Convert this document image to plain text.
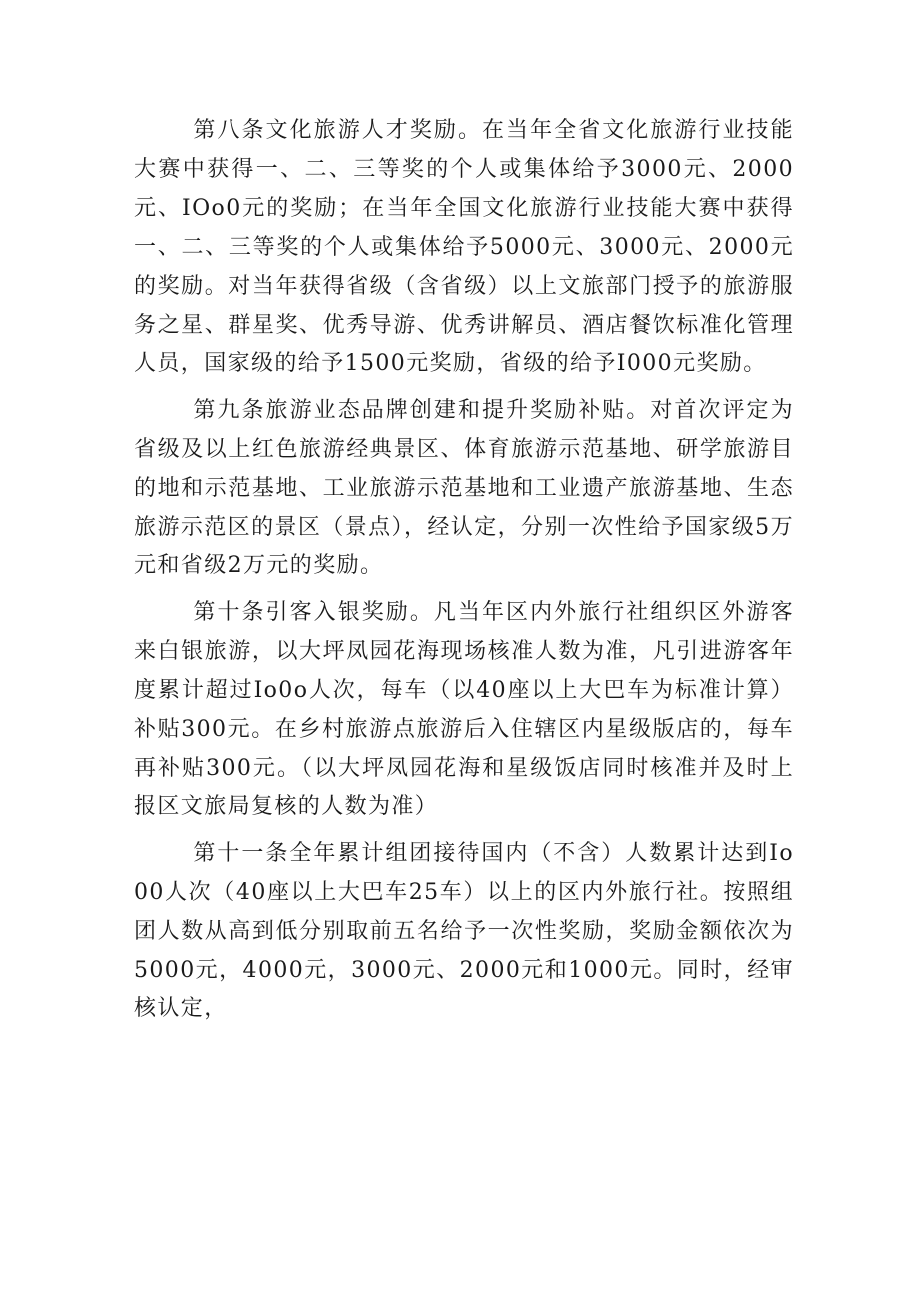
第八条文化旅游人才奖励。在当年全省文化旅游行业技能大赛中获得一、二、三等奖的个人或集体给予3000元、2000元、IOo0元的奖励；在当年全国文化旅游行业技能大赛中获得一、二、三等奖的个人或集体给予5000元、3000元、2000元的奖励。对当年获得省级（含省级）以上文旅部门授予的旅游服务之星、群星奖、优秀导游、优秀讲解员、酒店餐饮标准化管理人员，国家级的给予1500元奖励，省级的给予I000元奖励。

第九条旅游业态品牌创建和提升奖励补贴。对首次评定为省级及以上红色旅游经典景区、体育旅游示范基地、研学旅游目的地和示范基地、工业旅游示范基地和工业遗产旅游基地、生态旅游示范区的景区（景点），经认定，分别一次性给予国家级5万元和省级2万元的奖励。

第十条引客入银奖励。凡当年区内外旅行社组织区外游客来白银旅游，以大坪凤园花海现场核准人数为准，凡引进游客年度累计超过Io0o人次，每车（以40座以上大巴车为标准计算）补贴300元。在乡村旅游点旅游后入住辖区内星级版店的，每车再补贴300元。（以大坪凤园花海和星级饭店同时核准并及时上报区文旅局复核的人数为准）

第十一条全年累计组团接待国内（不含）人数累计达到Io00人次（40座以上大巴车25车）以上的区内外旅行社。按照组团人数从高到低分别取前五名给予一次性奖励，奖励金额依次为5000元，4000元，3000元、2000元和1000元。同时，经审核认定，
